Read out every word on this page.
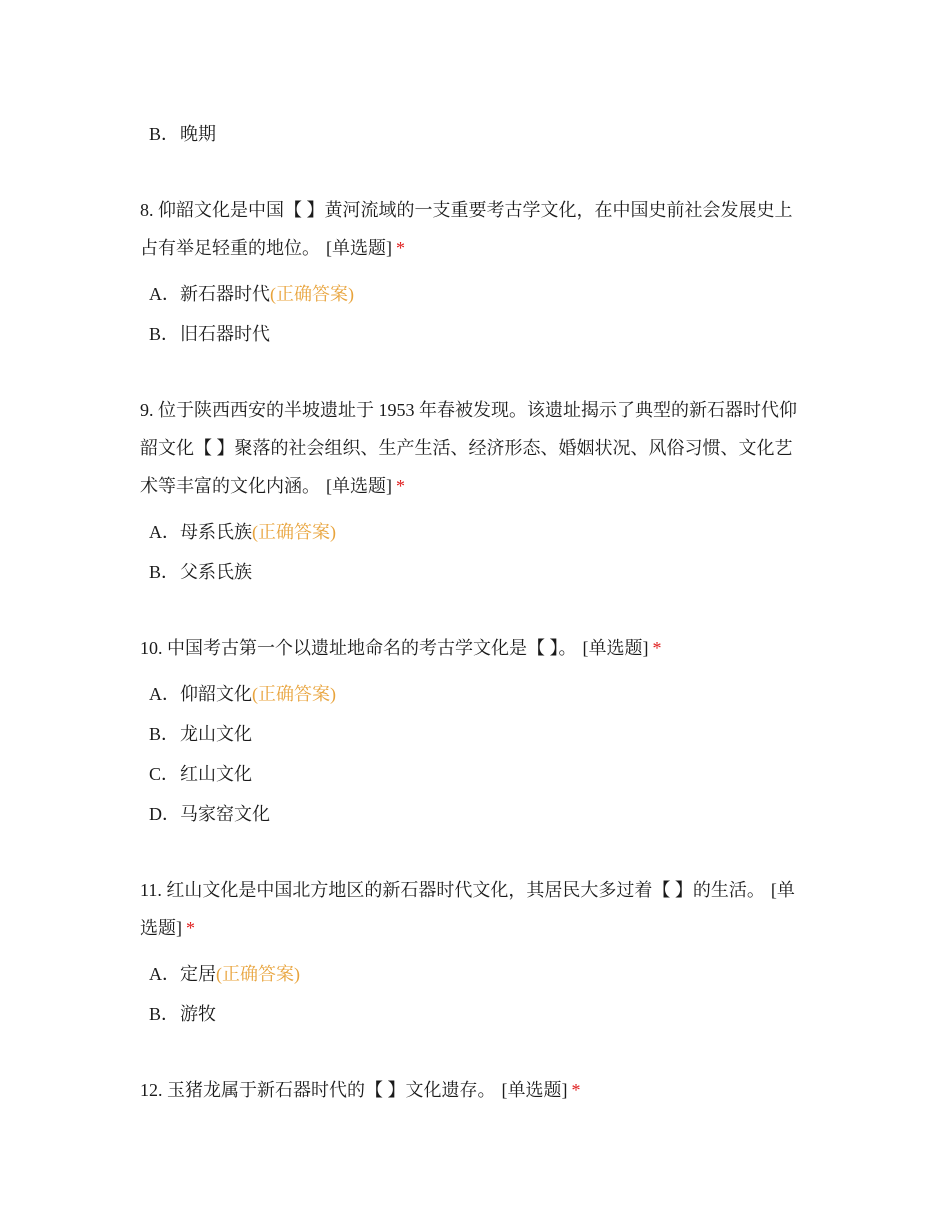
B．晚期
8. 仰韶文化是中国【 】黄河流域的一支重要考古学文化，在中国史前社会发展史上占有举足轻重的地位。 [单选题] *
A．新石器时代(正确答案)
B．旧石器时代
9. 位于陕西西安的半坡遗址于 1953 年春被发现。该遗址揭示了典型的新石器时代仰韶文化【 】聚落的社会组织、生产生活、经济形态、婚姻状况、风俗习惯、文化艺术等丰富的文化内涵。 [单选题] *
A．母系氏族(正确答案)
B．父系氏族
10. 中国考古第一个以遗址地命名的考古学文化是【 】。 [单选题] *
A．仰韶文化(正确答案)
B．龙山文化
C．红山文化
D．马家窑文化
11. 红山文化是中国北方地区的新石器时代文化，其居民大多过着【 】的生活。 [单选题] *
A．定居(正确答案)
B．游牧
12. 玉猪龙属于新石器时代的【 】文化遗存。 [单选题] *
